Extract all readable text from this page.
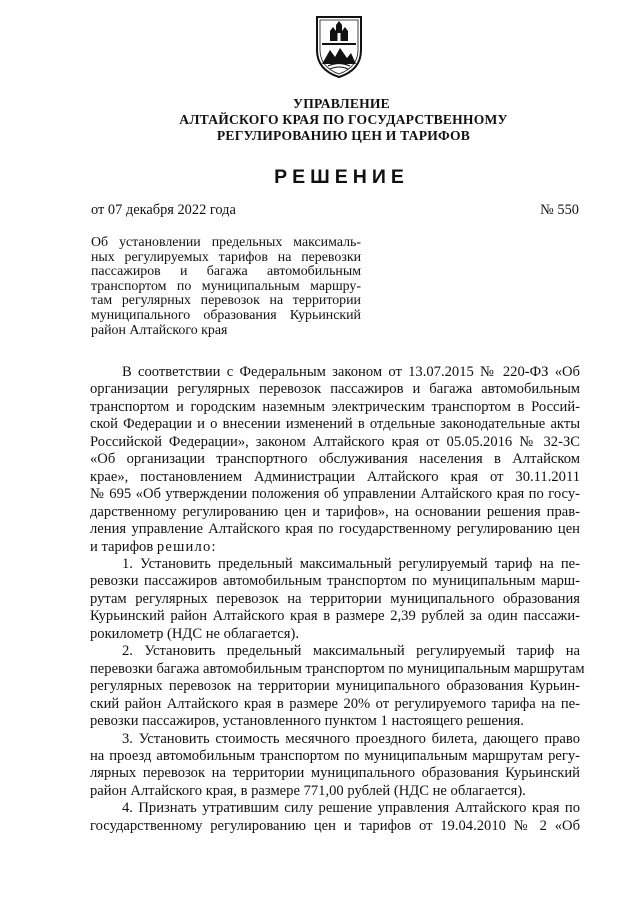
УПРАВЛЕНИЕ
АЛТАЙСКОГО КРАЯ ПО ГОСУДАРСТВЕННОМУ
РЕГУЛИРОВАНИЮ ЦЕН И ТАРИФОВ
РЕШЕНИЕ
от 07 декабря 2022 года	№ 550
Об установлении предельных максималь-
ных регулируемых тарифов на перевозки
пассажиров и багажа автомобильным
транспортом по муниципальным маршру-
там регулярных перевозок на территории
муниципального образования Курьинский
район Алтайского края
В соответствии с Федеральным законом от 13.07.2015 № 220-ФЗ «Об
организации регулярных перевозок пассажиров и багажа автомобильным
транспортом и городским наземным электрическим транспортом в Россий-
ской Федерации и о внесении изменений в отдельные законодательные акты
Российской Федерации», законом Алтайского края от 05.05.2016 № 32-ЗС
«Об организации транспортного обслуживания населения в Алтайском
крае», постановлением Администрации Алтайского края от 30.11.2011
№ 695 «Об утверждении положения об управлении Алтайского края по госу-
дарственному регулированию цен и тарифов», на основании решения прав-
ления управление Алтайского края по государственному регулированию цен
и тарифов решило:
1. Установить предельный максимальный регулируемый тариф на пе-
ревозки пассажиров автомобильным транспортом по муниципальным марш-
рутам регулярных перевозок на территории муниципального образования
Курьинский район Алтайского края в размере 2,39 рублей за один пассажи-
рокилометр (НДС не облагается).
2. Установить предельный максимальный регулируемый тариф на
перевозки багажа автомобильным транспортом по муниципальным маршрутам
регулярных перевозок на территории муниципального образования Курьин-
ский район Алтайского края в размере 20% от регулируемого тарифа на пе-
ревозки пассажиров, установленного пунктом 1 настоящего решения.
3. Установить стоимость месячного проездного билета, дающего право
на проезд автомобильным транспортом по муниципальным маршрутам регу-
лярных перевозок на территории муниципального образования Курьинский
район Алтайского края, в размере 771,00 рублей (НДС не облагается).
4. Признать утратившим силу решение управления Алтайского края по
государственному регулированию цен и тарифов от 19.04.2010 № 2 «Об
